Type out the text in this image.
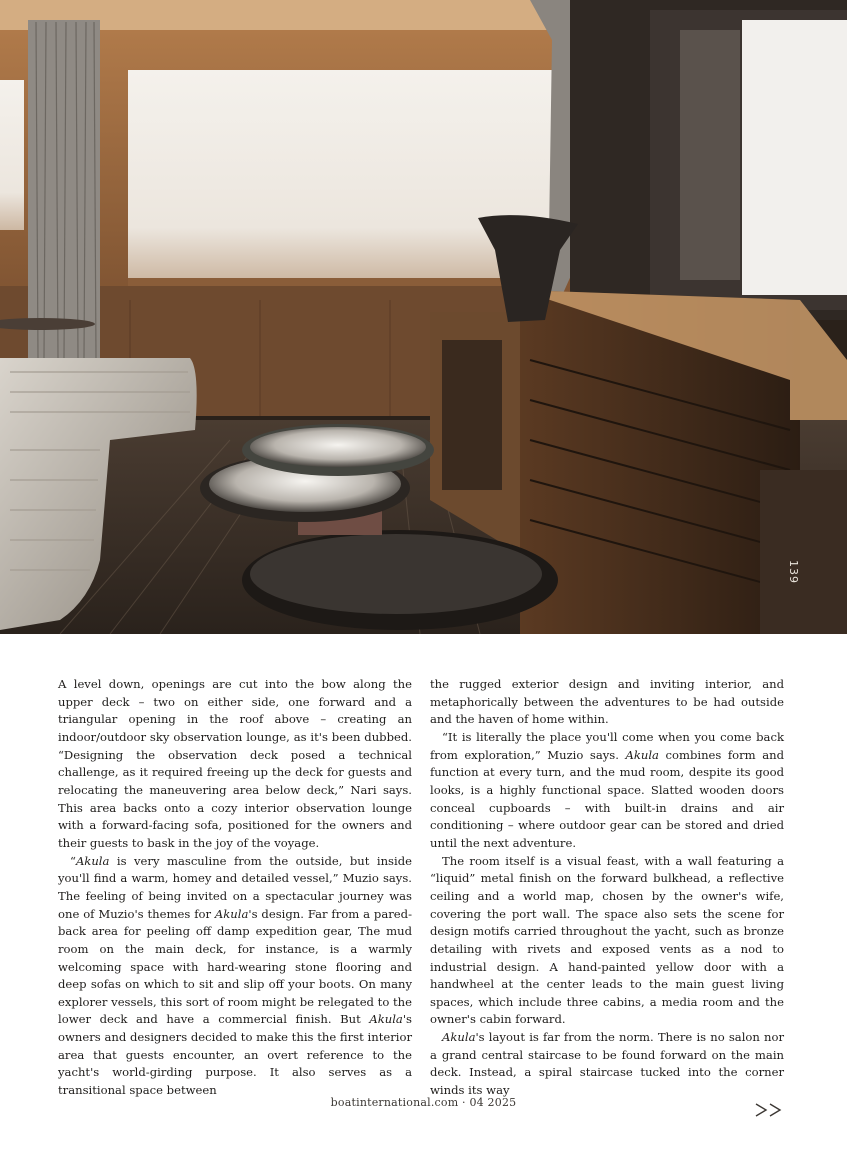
139

A level down, openings are cut into the bow along the upper deck – two on either side, one forward and a triangular opening in the roof above – creating an indoor/outdoor sky observation lounge, as it's been dubbed. “Designing the observation deck posed a technical challenge, as it required freeing up the deck for guests and relocating the maneuvering area below deck,” Nari says. This area backs onto a cozy interior observation lounge with a forward-facing sofa, positioned for the owners and their guests to bask in the joy of the voyage.

“Akula is very masculine from the outside, but inside you'll find a warm, homey and detailed vessel,” Muzio says. The feeling of being invited on a spectacular journey was one of Muzio's themes for Akula's design. Far from a pared-back area for peeling off damp expedition gear, The mud room on the main deck, for instance, is a warmly welcoming space with hard-wearing stone flooring and deep sofas on which to sit and slip off your boots. On many explorer vessels, this sort of room might be relegated to the lower deck and have a commercial finish. But Akula's owners and designers decided to make this the first interior area that guests encounter, an overt reference to the yacht's world-girding purpose. It also serves as a transitional space between

the rugged exterior design and inviting interior, and metaphorically between the adventures to be had outside and the haven of home within.

“It is literally the place you'll come when you come back from exploration,” Muzio says. Akula combines form and function at every turn, and the mud room, despite its good looks, is a highly functional space. Slatted wooden doors conceal cupboards – with built-in drains and air conditioning – where outdoor gear can be stored and dried until the next adventure.

The room itself is a visual feast, with a wall featuring a “liquid” metal finish on the forward bulkhead, a reflective ceiling and a world map, chosen by the owner's wife, covering the port wall. The space also sets the scene for design motifs carried throughout the yacht, such as bronze detailing with rivets and exposed vents as a nod to industrial design. A hand-painted yellow door with a handwheel at the center leads to the main guest living spaces, which include three cabins, a media room and the owner's cabin forward.

Akula's layout is far from the norm. There is no salon nor a grand central staircase to be found forward on the main deck. Instead, a spiral staircase tucked into the corner winds its way

boatinternational.com · 04 2025
